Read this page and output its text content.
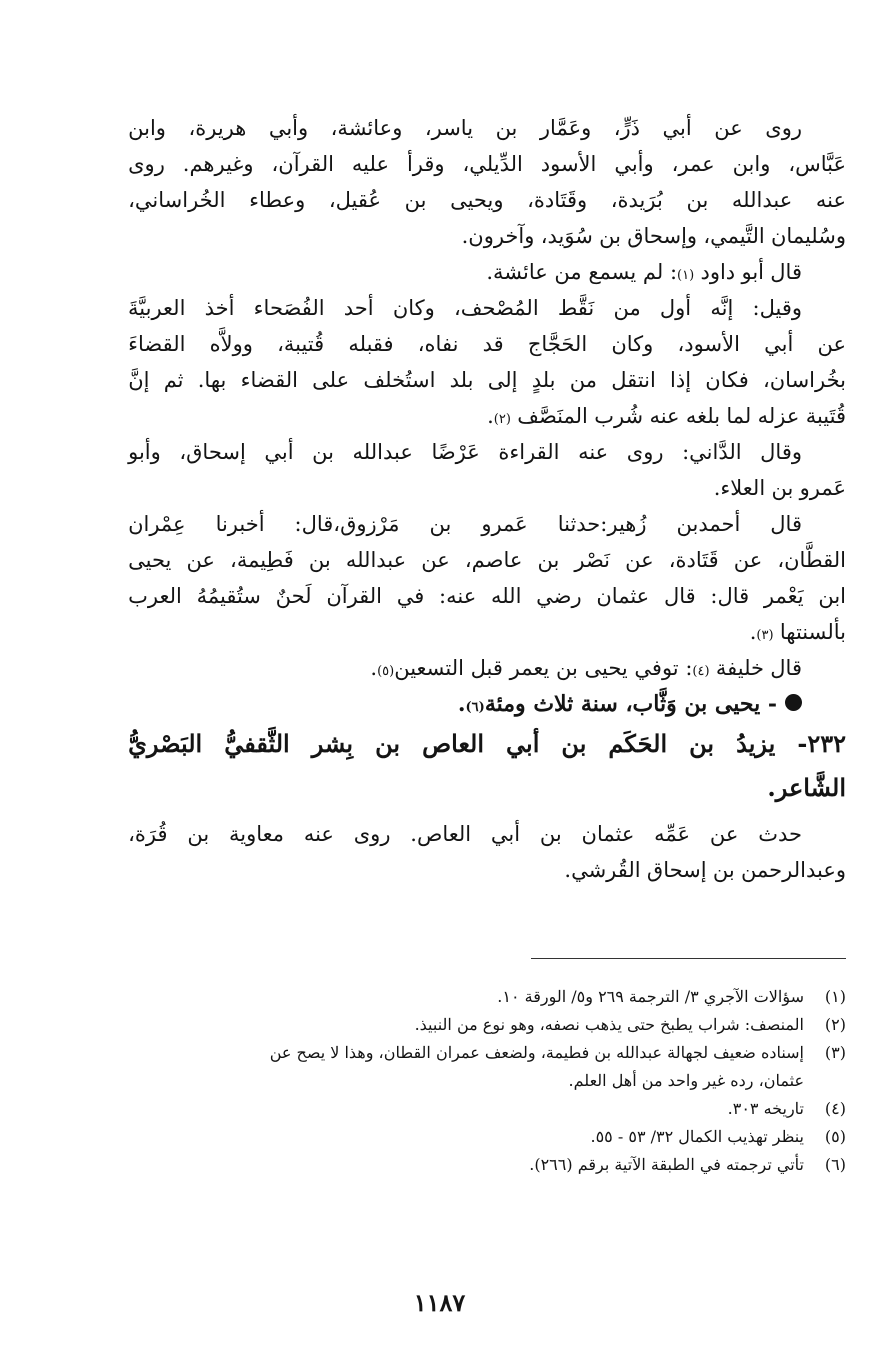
روى
عن
أبي
ذَرٍّ،
وعَمَّار
بن
ياسر،
وعائشة،
وأبي
هريرة،
وابن
عَبَّاس،
وابن
عمر،
وأبي
الأسود
الدِّيلي،
وقرأ
عليه
القرآن،
وغيرهم.
روى
عنه
عبدالله
بن
بُرَيدة،
وقَتَادة،
ويحيى
بن
عُقيل،
وعطاء
الخُراساني،
وسُليمان
التَّيمي،
وإسحاق
بن
سُوَيد،
وآخرون.
قال
أبو
داود
(١)
: لم يسمع من عائشة.
وقيل:
إنَّه
أول
من
نَقَّط
المُصْحف،
وكان
أحد
الفُصَحاء
أخذ
العربيَّةَ
عن
أبي
الأسود،
وكان
الحَجَّاج
قد
نفاه،
فقبله
قُتيبة،
وولاَّه
القضاءَ
بخُراسان،
فكان
إذا
انتقل
من
بلدٍ
إلى
بلد
استُخلف
على
القضاء
بها.
ثم
إنَّ
قُتَيبة
عزله
لما
بلغه
عنه
شُرب
المنَصَّف
(٢)
.
وقال
الدَّاني:
روى
عنه
القراءة
عَرْضًا
عبدالله
بن
أبي
إسحاق،
وأبو
عَمرو
بن
العلاء.
قال
أحمدبن
زُهير:حدثنا
عَمرو
بن
مَرْزوق،قال:
أخبرنا
عِمْران
القطَّان،
عن
قَتَادة،
عن
نَصْر
بن
عاصم،
عن
عبدالله
بن
فَطِيمة،
عن
يحيى
ابن
يَعْمر
قال:
قال
عثمان
رضي
الله
عنه:
في
القرآن
لَحنٌ
ستُقيمُهُ
العرب
بألسنتها
(٣)
.
قال
خليفة
(٤)
: توفي يحيى بن يعمر قبل التسعين
(٥)
.
- يحيى بن وَثَّاب، سنة ثلاث ومئة
(٦)
.
٢٣٢-
يزيدُ
بن
الحَكَم
بن
أبي
العاص
بن
بِشر
الثَّقفيُّ
البَصْريُّ
الشَّاعر.
حدث
عن
عَمِّه
عثمان
بن
أبي
العاص.
روى
عنه
معاوية
بن
قُرَة،
وعبدالرحمن
بن
إسحاق
القُرشي.
(١)
سؤالات الآجري ٣/ الترجمة ٢٦٩ و٥/ الورقة ١٠.
(٢)
المنصف: شراب يطبخ حتى يذهب نصفه، وهو نوع من النبيذ.
(٣)
إسناده ضعيف لجهالة عبدالله بن فطيمة، ولضعف عمران القطان، وهذا لا يصح عن
عثمان، رده غير واحد من أهل العلم.
(٤)
تاريخه ٣٠٣.
(٥)
ينظر تهذيب الكمال ٣٢/ ٥٣ - ٥٥.
(٦)
تأتي ترجمته في الطبقة الآتية برقم (٢٦٦).
١١٨٧
